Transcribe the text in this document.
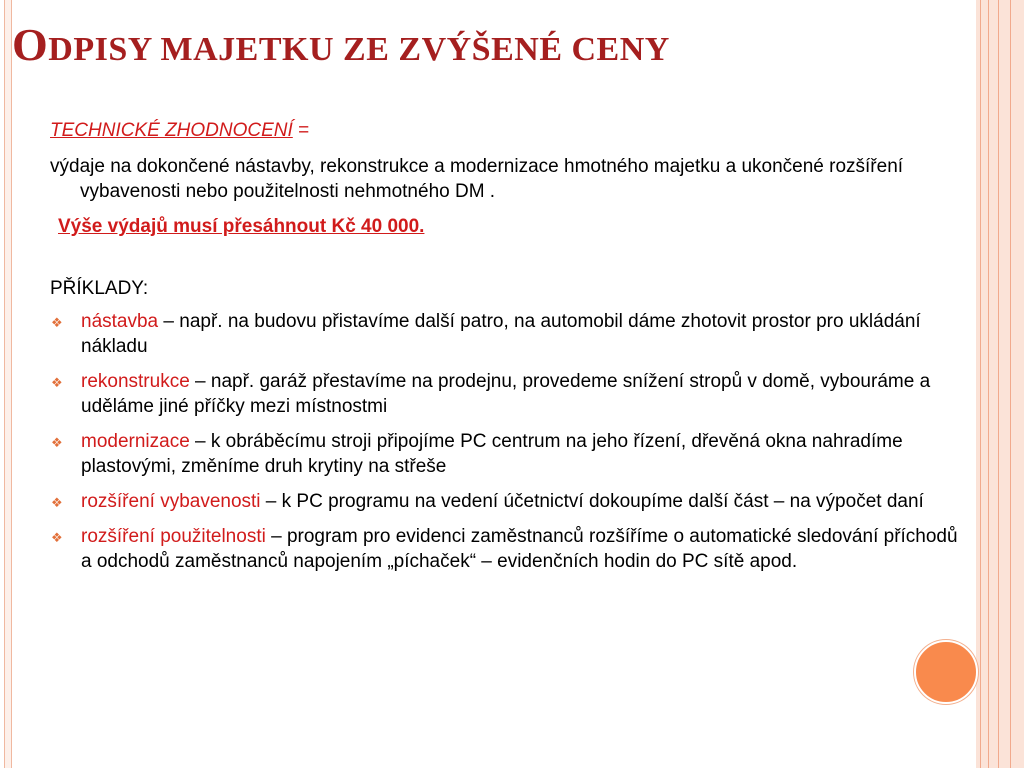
ODPISY MAJETKU ZE ZVÝŠENÉ CENY
TECHNICKÉ ZHODNOCENÍ =
výdaje na dokončené nástavby, rekonstrukce a modernizace hmotného majetku a ukončené rozšíření vybavenosti nebo použitelnosti nehmotného DM .
Výše výdajů musí přesáhnout Kč 40 000.
PŘÍKLADY:
❖ nástavba – např. na budovu přistavíme další patro, na automobil dáme zhotovit prostor pro ukládání nákladu
❖ rekonstrukce – např. garáž přestavíme na prodejnu, provedeme snížení stropů v domě, vybouráme a uděláme jiné příčky mezi místnostmi
❖ modernizace – k obráběcímu stroji připojíme PC centrum na jeho řízení, dřevěná okna nahradíme plastovými, změníme druh krytiny na střeše
❖ rozšíření vybavenosti – k PC programu na vedení účetnictví dokoupíme další část – na výpočet daní
❖ rozšíření použitelnosti – program pro evidenci zaměstnanců rozšíříme o automatické sledování příchodů a odchodů zaměstnanců napojením „píchaček“ – evidenčních hodin do PC sítě apod.
